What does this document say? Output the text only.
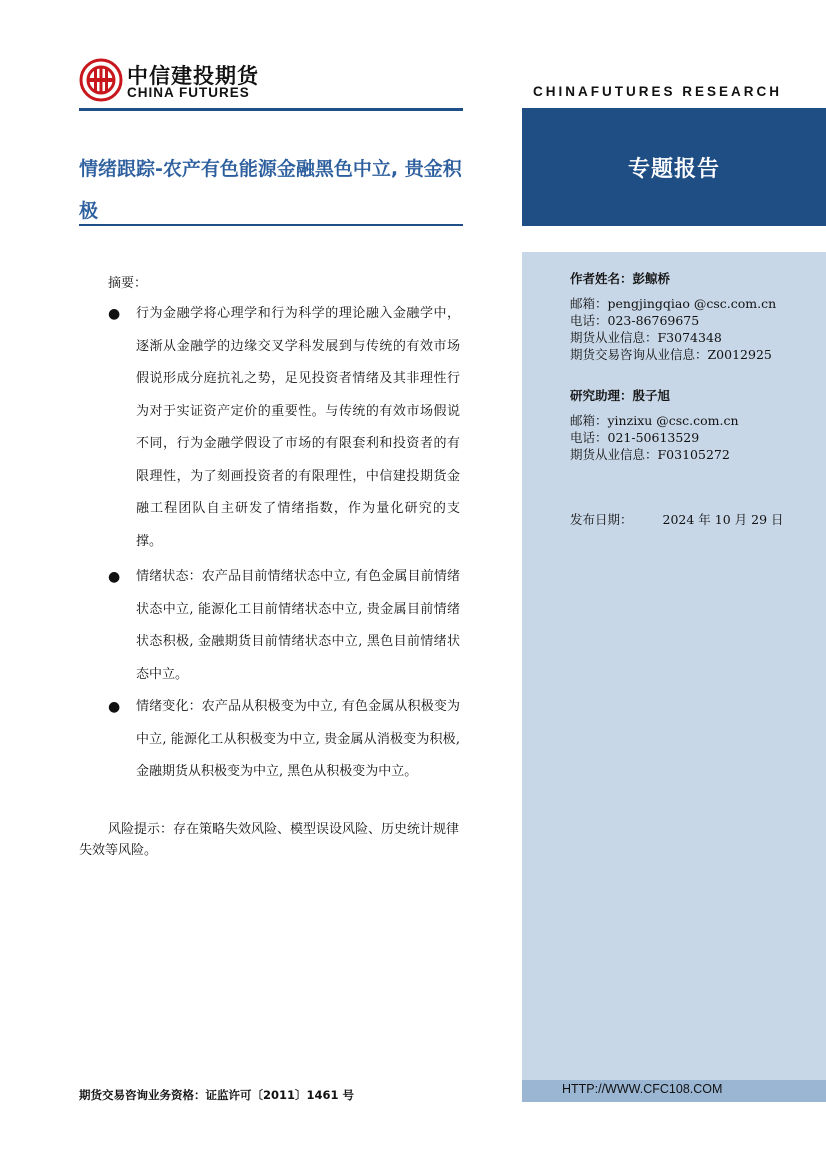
中信建投期货
CHINA FUTURES	CHINAFUTURES RESEARCH
情绪跟踪-农产有色能源金融黑色中立, 贵金积极
专题报告
作者姓名：彭鲸桥
邮箱：pengjingqiao @csc.com.cn
电话：023-86769675
期货从业信息：F3074348
期货交易咨询从业信息：Z0012925
研究助理：殷子旭
邮箱：yinzixu @csc.com.cn
电话：021-50613529
期货从业信息：F03105272
发布日期： 2024 年 10 月 29 日
HTTP://WWW.CFC108.COM
摘要：
●	行为金融学将心理学和行为科学的理论融入金融学中，逐渐从金融学的边缘交叉学科发展到与传统的有效市场假说形成分庭抗礼之势，足见投资者情绪及其非理性行为对于实证资产定价的重要性。与传统的有效市场假说不同，行为金融学假设了市场的有限套利和投资者的有限理性，为了刻画投资者的有限理性，中信建投期货金融工程团队自主研发了情绪指数，作为量化研究的支撑。
●	情绪状态：农产品目前情绪状态中立, 有色金属目前情绪状态中立, 能源化工目前情绪状态中立, 贵金属目前情绪状态积极, 金融期货目前情绪状态中立, 黑色目前情绪状态中立。
●	情绪变化：农产品从积极变为中立, 有色金属从积极变为中立, 能源化工从积极变为中立, 贵金属从消极变为积极, 金融期货从积极变为中立, 黑色从积极变为中立。
风险提示：存在策略失效风险、模型误设风险、历史统计规律失效等风险。
期货交易咨询业务资格：证监许可〔2011〕1461 号
